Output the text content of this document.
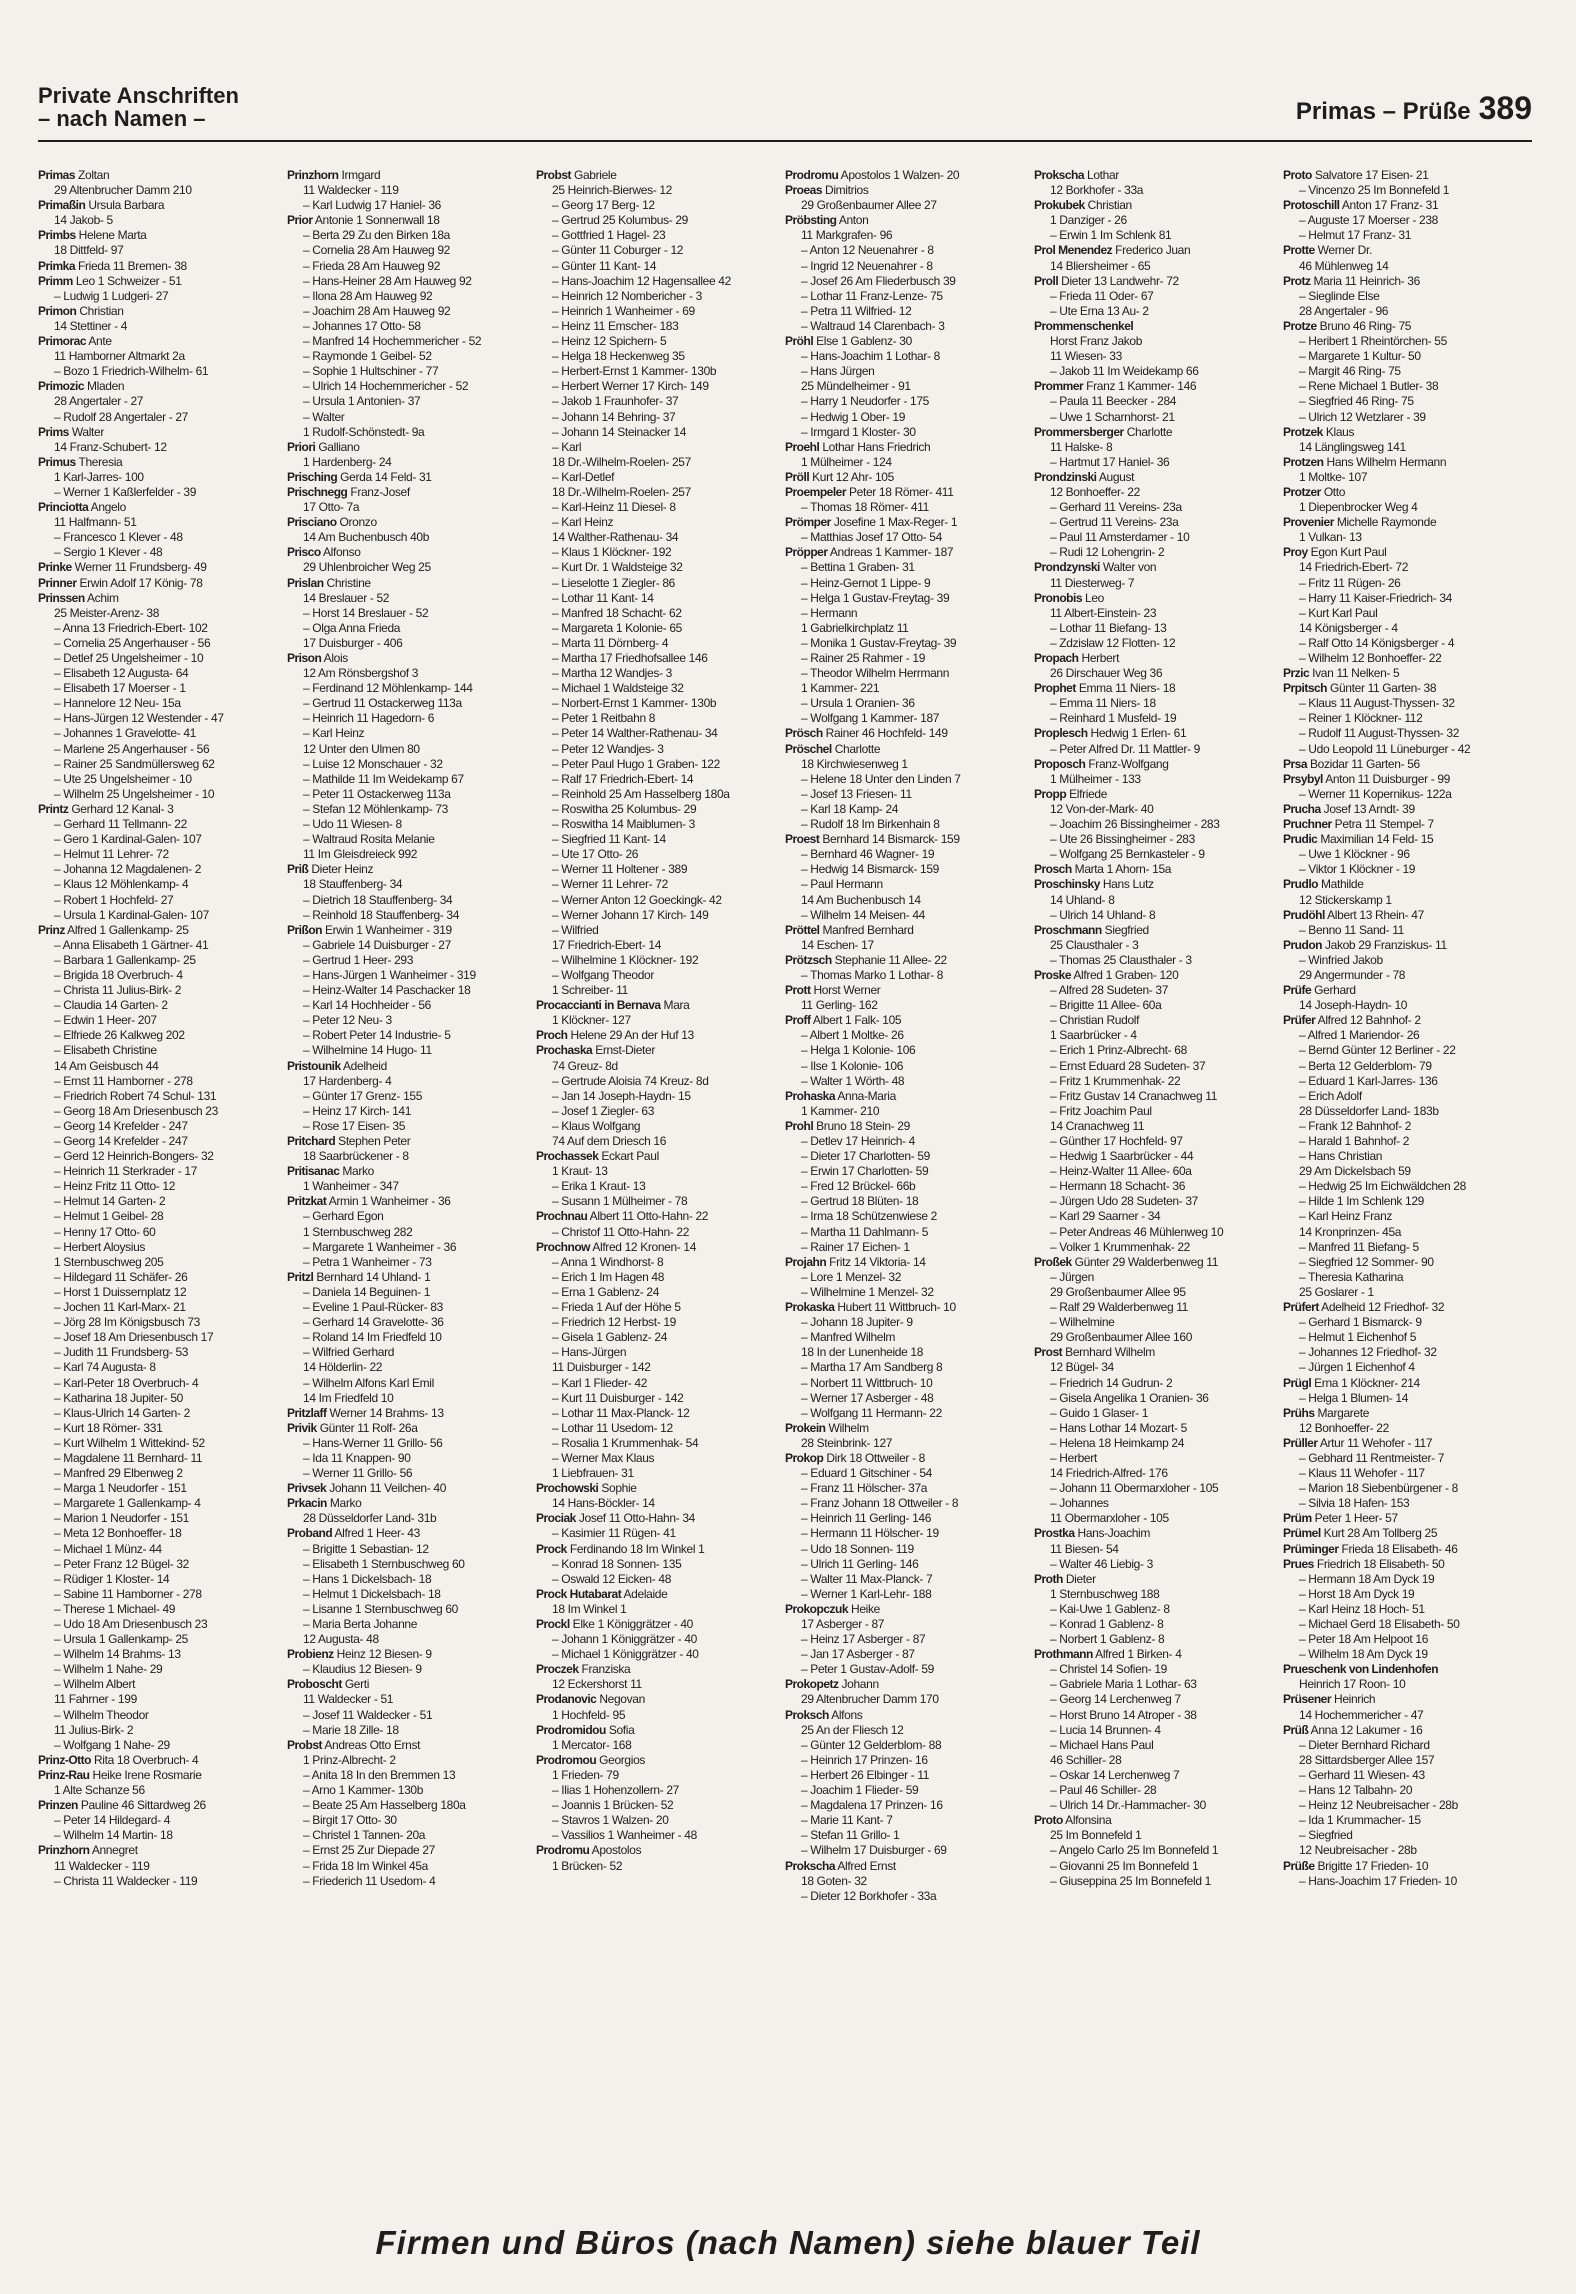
Private Anschriften
– nach Namen –	Primas – Prüße 389
Primas Zoltan
29 Altenbrucher Damm 210
Primaßin Ursula Barbara
14 Jakob- 5
Primbs Helene Marta
18 Dittfeld- 97
Primka Frieda 11 Bremen- 38
Primm Leo 1 Schweizer - 51
– Ludwig 1 Ludgeri- 27
Primon Christian
14 Stettiner - 4
Primorac Ante
11 Hamborner Altmarkt 2a
– Bozo 1 Friedrich-Wilhelm- 61
Primozic Mladen
28 Angertaler - 27
– Rudolf 28 Angertaler - 27
Prims Walter
14 Franz-Schubert- 12
Primus Theresia
1 Karl-Jarres- 100
– Werner 1 Kaßlerfelder - 39
Princiotta Angelo
11 Halfmann- 51
– Francesco 1 Klever - 48
– Sergio 1 Klever - 48
Prinke Werner 11 Frundsberg- 49
Prinner Erwin Adolf 17 König- 78
Prinssen Achim
25 Meister-Arenz- 38
– Anna 13 Friedrich-Ebert- 102
– Cornelia 25 Angerhauser - 56
– Detlef 25 Ungelsheimer - 10
– Elisabeth 12 Augusta- 64
– Elisabeth 17 Moerser - 1
– Hannelore 12 Neu- 15a
– Hans-Jürgen 12 Westender - 47
– Johannes 1 Gravelotte- 41
– Marlene 25 Angerhauser - 56
– Rainer 25 Sandmüllersweg 62
– Ute 25 Ungelsheimer - 10
– Wilhelm 25 Ungelsheimer - 10
Printz Gerhard 12 Kanal- 3
– Gerhard 11 Tellmann- 22
– Gero 1 Kardinal-Galen- 107
– Helmut 11 Lehrer- 72
– Johanna 12 Magdalenen- 2
– Klaus 12 Möhlenkamp- 4
– Robert 1 Hochfeld- 27
– Ursula 1 Kardinal-Galen- 107
Prinz Alfred 1 Gallenkamp- 25
– Anna Elisabeth 1 Gärtner- 41
– Barbara 1 Gallenkamp- 25
– Brigida 18 Overbruch- 4
– Christa 11 Julius-Birk- 2
– Claudia 14 Garten- 2
– Edwin 1 Heer- 207
– Elfriede 26 Kalkweg 202
– Elisabeth Christine
14 Am Geisbusch 44
– Ernst 11 Hamborner - 278
– Friedrich Robert 74 Schul- 131
– Georg 18 Am Driesenbusch 23
– Georg 14 Krefelder - 247
– Georg 14 Krefelder - 247
– Gerd 12 Heinrich-Bongers- 32
– Heinrich 11 Sterkrader - 17
– Heinz Fritz 11 Otto- 12
– Helmut 14 Garten- 2
– Helmut 1 Geibel- 28
– Henny 17 Otto- 60
– Herbert Aloysius
1 Sternbuschweg 205
– Hildegard 11 Schäfer- 26
– Horst 1 Duissernplatz 12
– Jochen 11 Karl-Marx- 21
– Jörg 28 Im Königsbusch 73
– Josef 18 Am Driesenbusch 17
– Judith 11 Frundsberg- 53
– Karl 74 Augusta- 8
– Karl-Peter 18 Overbruch- 4
– Katharina 18 Jupiter- 50
– Klaus-Ulrich 14 Garten- 2
– Kurt 18 Römer- 331
– Kurt Wilhelm 1 Wittekind- 52
– Magdalene 11 Bernhard- 11
– Manfred 29 Elbenweg 2
– Marga 1 Neudorfer - 151
– Margarete 1 Gallenkamp- 4
– Marion 1 Neudorfer - 151
– Meta 12 Bonhoeffer- 18
– Michael 1 Münz- 44
– Peter Franz 12 Bügel- 32
– Rüdiger 1 Kloster- 14
– Sabine 11 Hamborner - 278
– Therese 1 Michael- 49
– Udo 18 Am Driesenbusch 23
– Ursula 1 Gallenkamp- 25
– Wilhelm 14 Brahms- 13
– Wilhelm 1 Nahe- 29
– Wilhelm Albert
11 Fahrner - 199
– Wilhelm Theodor
11 Julius-Birk- 2
– Wolfgang 1 Nahe- 29
Prinz-Otto Rita 18 Overbruch- 4
Prinz-Rau Heike Irene Rosmarie
1 Alte Schanze 56
Prinzen Pauline 46 Sittardweg 26
– Peter 14 Hildegard- 4
– Wilhelm 14 Martin- 18
Prinzhorn Annegret
11 Waldecker - 119
– Christa 11 Waldecker - 119
Prinzhorn Irmgard
11 Waldecker - 119
– Karl Ludwig 17 Haniel- 36
Prior Antonie 1 Sonnenwall 18
– Berta 29 Zu den Birken 18a
– Cornelia 28 Am Hauweg 92
– Frieda 28 Am Hauweg 92
– Hans-Heiner 28 Am Hauweg 92
– Ilona 28 Am Hauweg 92
– Joachim 28 Am Hauweg 92
– Johannes 17 Otto- 58
– Manfred 14 Hochemmericher - 52
– Raymonde 1 Geibel- 52
– Sophie 1 Hultschiner - 77
– Ulrich 14 Hochemmericher - 52
– Ursula 1 Antonien- 37
– Walter
1 Rudolf-Schönstedt- 9a
Priori Galliano
1 Hardenberg- 24
Prisching Gerda 14 Feld- 31
Prischnegg Franz-Josef
17 Otto- 7a
Prisciano Oronzo
14 Am Buchenbusch 40b
Prisco Alfonso
29 Uhlenbroicher Weg 25
Prislan Christine
14 Breslauer - 52
– Horst 14 Breslauer - 52
– Olga Anna Frieda
17 Duisburger - 406
Prison Alois
12 Am Rönsbergshof 3
– Ferdinand 12 Möhlenkamp- 144
– Gertrud 11 Ostackerweg 113a
– Heinrich 11 Hagedorn- 6
– Karl Heinz
12 Unter den Ulmen 80
– Luise 12 Monschauer - 32
– Mathilde 11 Im Weidekamp 67
– Peter 11 Ostackerweg 113a
– Stefan 12 Möhlenkamp- 73
– Udo 11 Wiesen- 8
– Waltraud Rosita Melanie
11 Im Gleisdreieck 992
Priß Dieter Heinz
18 Stauffenberg- 34
– Dietrich 18 Stauffenberg- 34
– Reinhold 18 Stauffenberg- 34
Prißon Erwin 1 Wanheimer - 319
– Gabriele 14 Duisburger - 27
– Gertrud 1 Heer- 293
– Hans-Jürgen 1 Wanheimer - 319
– Heinz-Walter 14 Paschacker 18
– Karl 14 Hochheider - 56
– Peter 12 Neu- 3
– Robert Peter 14 Industrie- 5
– Wilhelmine 14 Hugo- 11
Pristounik Adelheid
17 Hardenberg- 4
– Günter 17 Grenz- 155
– Heinz 17 Kirch- 141
– Rose 17 Eisen- 35
Pritchard Stephen Peter
18 Saarbrückener - 8
Pritisanac Marko
1 Wanheimer - 347
Pritzkat Armin 1 Wanheimer - 36
– Gerhard Egon
1 Sternbuschweg 282
– Margarete 1 Wanheimer - 36
– Petra 1 Wanheimer - 73
Pritzl Bernhard 14 Uhland- 1
– Daniela 14 Beguinen- 1
– Eveline 1 Paul-Rücker- 83
– Gerhard 14 Gravelotte- 36
– Roland 14 Im Friedfeld 10
– Wilfried Gerhard
14 Hölderlin- 22
– Wilhelm Alfons Karl Emil
14 Im Friedfeld 10
Pritzlaff Werner 14 Brahms- 13
Privik Günter 11 Rolf- 26a
– Hans-Werner 11 Grillo- 56
– Ida 11 Knappen- 90
– Werner 11 Grillo- 56
Privsek Johann 11 Veilchen- 40
Prkacin Marko
28 Düsseldorfer Land- 31b
Proband Alfred 1 Heer- 43
– Brigitte 1 Sebastian- 12
– Elisabeth 1 Sternbuschweg 60
– Hans 1 Dickelsbach- 18
– Helmut 1 Dickelsbach- 18
– Lisanne 1 Sternbuschweg 60
– Maria Berta Johanne
12 Augusta- 48
Probienz Heinz 12 Biesen- 9
– Klaudius 12 Biesen- 9
Proboscht Gerti
11 Waldecker - 51
– Josef 11 Waldecker - 51
– Marie 18 Zille- 18
Probst Andreas Otto Ernst
1 Prinz-Albrecht- 2
– Anita 18 In den Bremmen 13
– Arno 1 Kammer- 130b
– Beate 25 Am Hasselberg 180a
– Birgit 17 Otto- 30
– Christel 1 Tannen- 20a
– Ernst 25 Zur Diepade 27
– Frida 18 Im Winkel 45a
– Friederich 11 Usedom- 4
Probst Gabriele
25 Heinrich-Bierwes- 12
– Georg 17 Berg- 12
– Gertrud 25 Kolumbus- 29
– Gottfried 1 Hagel- 23
– Günter 11 Coburger - 12
– Günter 11 Kant- 14
– Hans-Joachim 12 Hagensallee 42
– Heinrich 12 Nombericher - 3
– Heinrich 1 Wanheimer - 69
– Heinz 11 Emscher- 183
– Heinz 12 Spichern- 5
– Helga 18 Heckenweg 35
– Herbert-Ernst 1 Kammer- 130b
– Herbert Werner 17 Kirch- 149
– Jakob 1 Fraunhofer- 37
– Johann 14 Behring- 37
– Johann 14 Steinacker 14
– Karl
18 Dr.-Wilhelm-Roelen- 257
– Karl-Detlef
18 Dr.-Wilhelm-Roelen- 257
– Karl-Heinz 11 Diesel- 8
– Karl Heinz
14 Walther-Rathenau- 34
– Klaus 1 Klöckner- 192
– Kurt Dr. 1 Waldsteige 32
– Lieselotte 1 Ziegler- 86
– Lothar 11 Kant- 14
– Manfred 18 Schacht- 62
– Margareta 1 Kolonie- 65
– Marta 11 Dörnberg- 4
– Martha 17 Friedhofsallee 146
– Martha 12 Wandjes- 3
– Michael 1 Waldsteige 32
– Norbert-Ernst 1 Kammer- 130b
– Peter 1 Reitbahn 8
– Peter 14 Walther-Rathenau- 34
– Peter 12 Wandjes- 3
– Peter Paul Hugo 1 Graben- 122
– Ralf 17 Friedrich-Ebert- 14
– Reinhold 25 Am Hasselberg 180a
– Roswitha 25 Kolumbus- 29
– Roswitha 14 Maiblumen- 3
– Siegfried 11 Kant- 14
– Ute 17 Otto- 26
– Werner 11 Holtener - 389
– Werner 11 Lehrer- 72
– Werner Anton 12 Goeckingk- 42
– Werner Johann 17 Kirch- 149
– Wilfried
17 Friedrich-Ebert- 14
– Wilhelmine 1 Klöckner- 192
– Wolfgang Theodor
1 Schreiber- 11
Procaccianti in Bernava Mara
1 Klöckner- 127
Proch Helene 29 An der Huf 13
Prochaska Ernst-Dieter
74 Greuz- 8d
– Gertrude Aloisia 74 Kreuz- 8d
– Jan 14 Joseph-Haydn- 15
– Josef 1 Ziegler- 63
– Klaus Wolfgang
74 Auf dem Driesch 16
Prochassek Eckart Paul
1 Kraut- 13
– Erika 1 Kraut- 13
– Susann 1 Mülheimer - 78
Prochnau Albert 11 Otto-Hahn- 22
– Christof 11 Otto-Hahn- 22
Prochnow Alfred 12 Kronen- 14
– Anna 1 Windhorst- 8
– Erich 1 Im Hagen 48
– Erna 1 Gablenz- 24
– Frieda 1 Auf der Höhe 5
– Friedrich 12 Herbst- 19
– Gisela 1 Gablenz- 24
– Hans-Jürgen
11 Duisburger - 142
– Karl 1 Flieder- 42
– Kurt 11 Duisburger - 142
– Lothar 11 Max-Planck- 12
– Lothar 11 Usedom- 12
– Rosalia 1 Krummenhak- 54
– Werner Max Klaus
1 Liebfrauen- 31
Prochowski Sophie
14 Hans-Böckler- 14
Prociak Josef 11 Otto-Hahn- 34
– Kasimier 11 Rügen- 41
Prock Ferdinando 18 Im Winkel 1
– Konrad 18 Sonnen- 135
– Oswald 12 Eicken- 48
Prock Hutabarat Adelaide
18 Im Winkel 1
Prockl Elke 1 Königgrätzer - 40
– Johann 1 Königgrätzer - 40
– Michael 1 Königgrätzer - 40
Proczek Franziska
12 Eckershorst 11
Prodanovic Negovan
1 Hochfeld- 95
Prodromidou Sofia
1 Mercator- 168
Prodromou Georgios
1 Frieden- 79
– Ilias 1 Hohenzollern- 27
– Joannis 1 Brücken- 52
– Stavros 1 Walzen- 20
– Vassilios 1 Wanheimer - 48
Prodromu Apostolos
1 Brücken- 52
Prodromu Apostolos 1 Walzen- 20
Proeas Dimitrios
29 Großenbaumer Allee 27
Pröbsting Anton
11 Markgrafen- 96
– Anton 12 Neuenahrer - 8
– Ingrid 12 Neuenahrer - 8
– Josef 26 Am Fliederbusch 39
– Lothar 11 Franz-Lenze- 75
– Petra 11 Wilfried- 12
– Waltraud 14 Clarenbach- 3
Pröhl Else 1 Gablenz- 30
– Hans-Joachim 1 Lothar- 8
– Hans Jürgen
25 Mündelheimer - 91
– Harry 1 Neudorfer - 175
– Hedwig 1 Ober- 19
– Irmgard 1 Kloster- 30
Proehl Lothar Hans Friedrich
1 Mülheimer - 124
Pröll Kurt 12 Ahr- 105
Proempeler Peter 18 Römer- 411
– Thomas 18 Römer- 411
Prömper Josefine 1 Max-Reger- 1
– Matthias Josef 17 Otto- 54
Pröpper Andreas 1 Kammer- 187
– Bettina 1 Graben- 31
– Heinz-Gernot 1 Lippe- 9
– Helga 1 Gustav-Freytag- 39
– Hermann
1 Gabrielkirchplatz 11
– Monika 1 Gustav-Freytag- 39
– Rainer 25 Rahmer - 19
– Theodor Wilhelm Herrmann
1 Kammer- 221
– Ursula 1 Oranien- 36
– Wolfgang 1 Kammer- 187
Prösch Rainer 46 Hochfeld- 149
Pröschel Charlotte
18 Kirchwiesenweg 1
– Helene 18 Unter den Linden 7
– Josef 13 Friesen- 11
– Karl 18 Kamp- 24
– Rudolf 18 Im Birkenhain 8
Proest Bernhard 14 Bismarck- 159
– Bernhard 46 Wagner- 19
– Hedwig 14 Bismarck- 159
– Paul Hermann
14 Am Buchenbusch 14
– Wilhelm 14 Meisen- 44
Pröttel Manfred Bernhard
14 Eschen- 17
Prötzsch Stephanie 11 Allee- 22
– Thomas Marko 1 Lothar- 8
Prott Horst Werner
11 Gerling- 162
Proff Albert 1 Falk- 105
– Albert 1 Moltke- 26
– Helga 1 Kolonie- 106
– Ilse 1 Kolonie- 106
– Walter 1 Wörth- 48
Prohaska Anna-Maria
1 Kammer- 210
Prohl Bruno 18 Stein- 29
– Detlev 17 Heinrich- 4
– Dieter 17 Charlotten- 59
– Erwin 17 Charlotten- 59
– Fred 12 Brückel- 66b
– Gertrud 18 Blüten- 18
– Irma 18 Schützenwiese 2
– Martha 11 Dahlmann- 5
– Rainer 17 Eichen- 1
Projahn Fritz 14 Viktoria- 14
– Lore 1 Menzel- 32
– Wilhelmine 1 Menzel- 32
Prokaska Hubert 11 Wittbruch- 10
– Johann 18 Jupiter- 9
– Manfred Wilhelm
18 In der Lunenheide 18
– Martha 17 Am Sandberg 8
– Norbert 11 Wittbruch- 10
– Werner 17 Asberger - 48
– Wolfgang 11 Hermann- 22
Prokein Wilhelm
28 Steinbrink- 127
Prokop Dirk 18 Ottweiler - 8
– Eduard 1 Gitschiner - 54
– Franz 11 Hölscher- 37a
– Franz Johann 18 Ottweiler - 8
– Heinrich 11 Gerling- 146
– Hermann 11 Hölscher- 19
– Udo 18 Sonnen- 119
– Ulrich 11 Gerling- 146
– Walter 11 Max-Planck- 7
– Werner 1 Karl-Lehr- 188
Prokopczuk Heike
17 Asberger - 87
– Heinz 17 Asberger - 87
– Jan 17 Asberger - 87
– Peter 1 Gustav-Adolf- 59
Prokopetz Johann
29 Altenbrucher Damm 170
Proksch Alfons
25 An der Fliesch 12
– Günter 12 Gelderblom- 88
– Heinrich 17 Prinzen- 16
– Herbert 26 Elbinger - 11
– Joachim 1 Flieder- 59
– Magdalena 17 Prinzen- 16
– Marie 11 Kant- 7
– Stefan 11 Grillo- 1
– Wilhelm 17 Duisburger - 69
Prokscha Alfred Ernst
18 Goten- 32
– Dieter 12 Borkhofer - 33a
Prokscha Lothar
12 Borkhofer - 33a
Prokubek Christian
1 Danziger - 26
– Erwin 1 Im Schlenk 81
Prol Menendez Frederico Juan
14 Bliersheimer - 65
Proll Dieter 13 Landwehr- 72
– Frieda 11 Oder- 67
– Ute Erna 13 Au- 2
Prommenschenkel
Horst Franz Jakob
11 Wiesen- 33
– Jakob 11 Im Weidekamp 66
Prommer Franz 1 Kammer- 146
– Paula 11 Beecker - 284
– Uwe 1 Scharnhorst- 21
Prommersberger Charlotte
11 Halske- 8
– Hartmut 17 Haniel- 36
Prondzinski August
12 Bonhoeffer- 22
– Gerhard 11 Vereins- 23a
– Gertrud 11 Vereins- 23a
– Paul 11 Amsterdamer - 10
– Rudi 12 Lohengrin- 2
Prondzynski Walter von
11 Diesterweg- 7
Pronobis Leo
11 Albert-Einstein- 23
– Lothar 11 Biefang- 13
– Zdzislaw 12 Flotten- 12
Propach Herbert
26 Dirschauer Weg 36
Prophet Emma 11 Niers- 18
– Emma 11 Niers- 18
– Reinhard 1 Musfeld- 19
Proplesch Hedwig 1 Erlen- 61
– Peter Alfred Dr. 11 Mattler- 9
Proposch Franz-Wolfgang
1 Mülheimer - 133
Propp Elfriede
12 Von-der-Mark- 40
– Joachim 26 Bissingheimer - 283
– Ute 26 Bissingheimer - 283
– Wolfgang 25 Bernkasteler - 9
Prosch Marta 1 Ahorn- 15a
Proschinsky Hans Lutz
14 Uhland- 8
– Ulrich 14 Uhland- 8
Proschmann Siegfried
25 Clausthaler - 3
– Thomas 25 Clausthaler - 3
Proske Alfred 1 Graben- 120
– Alfred 28 Sudeten- 37
– Brigitte 11 Allee- 60a
– Christian Rudolf
1 Saarbrücker - 4
– Erich 1 Prinz-Albrecht- 68
– Ernst Eduard 28 Sudeten- 37
– Fritz 1 Krummenhak- 22
– Fritz Gustav 14 Cranachweg 11
– Fritz Joachim Paul
14 Cranachweg 11
– Günther 17 Hochfeld- 97
– Hedwig 1 Saarbrücker - 44
– Heinz-Walter 11 Allee- 60a
– Hermann 18 Schacht- 36
– Jürgen Udo 28 Sudeten- 37
– Karl 29 Saarner - 34
– Peter Andreas 46 Mühlenweg 10
– Volker 1 Krummenhak- 22
Proßek Günter 29 Walderbenweg 11
– Jürgen
29 Großenbaumer Allee 95
– Ralf 29 Walderbenweg 11
– Wilhelmine
29 Großenbaumer Allee 160
Prost Bernhard Wilhelm
12 Bügel- 34
– Friedrich 14 Gudrun- 2
– Gisela Angelika 1 Oranien- 36
– Guido 1 Glaser- 1
– Hans Lothar 14 Mozart- 5
– Helena 18 Heimkamp 24
– Herbert
14 Friedrich-Alfred- 176
– Johann 11 Obermarxloher - 105
– Johannes
11 Obermarxloher - 105
Prostka Hans-Joachim
11 Biesen- 54
– Walter 46 Liebig- 3
Proth Dieter
1 Sternbuschweg 188
– Kai-Uwe 1 Gablenz- 8
– Konrad 1 Gablenz- 8
– Norbert 1 Gablenz- 8
Prothmann Alfred 1 Birken- 4
– Christel 14 Sofien- 19
– Gabriele Maria 1 Lothar- 63
– Georg 14 Lerchenweg 7
– Horst Bruno 14 Atroper - 38
– Lucia 14 Brunnen- 4
– Michael Hans Paul
46 Schiller- 28
– Oskar 14 Lerchenweg 7
– Paul 46 Schiller- 28
– Ulrich 14 Dr.-Hammacher- 30
Proto Alfonsina
25 Im Bonnefeld 1
– Angelo Carlo 25 Im Bonnefeld 1
– Giovanni 25 Im Bonnefeld 1
– Giuseppina 25 Im Bonnefeld 1
Proto Salvatore 17 Eisen- 21
– Vincenzo 25 Im Bonnefeld 1
Protoschill Anton 17 Franz- 31
– Auguste 17 Moerser - 238
– Helmut 17 Franz- 31
Protte Werner Dr.
46 Mühlenweg 14
Protz Maria 11 Heinrich- 36
– Sieglinde Else
28 Angertaler - 96
Protze Bruno 46 Ring- 75
– Heribert 1 Rheintörchen- 55
– Margarete 1 Kultur- 50
– Margit 46 Ring- 75
– Rene Michael 1 Butler- 38
– Siegfried 46 Ring- 75
– Ulrich 12 Wetzlarer - 39
Protzek Klaus
14 Länglingsweg 141
Protzen Hans Wilhelm Hermann
1 Moltke- 107
Protzer Otto
1 Diepenbrocker Weg 4
Provenier Michelle Raymonde
1 Vulkan- 13
Proy Egon Kurt Paul
14 Friedrich-Ebert- 72
– Fritz 11 Rügen- 26
– Harry 11 Kaiser-Friedrich- 34
– Kurt Karl Paul
14 Königsberger - 4
– Ralf Otto 14 Königsberger - 4
– Wilhelm 12 Bonhoeffer- 22
Przic Ivan 11 Nelken- 5
Prpitsch Günter 11 Garten- 38
– Klaus 11 August-Thyssen- 32
– Reiner 1 Klöckner- 112
– Rudolf 11 August-Thyssen- 32
– Udo Leopold 11 Lüneburger - 42
Prsa Bozidar 11 Garten- 56
Prsybyl Anton 11 Duisburger - 99
– Werner 11 Kopernikus- 122a
Prucha Josef 13 Arndt- 39
Pruchner Petra 11 Stempel- 7
Prudic Maximilian 14 Feld- 15
– Uwe 1 Klöckner - 96
– Viktor 1 Klöckner - 19
Prudlo Mathilde
12 Stickerskamp 1
Prudöhl Albert 13 Rhein- 47
– Benno 11 Sand- 11
Prudon Jakob 29 Franziskus- 11
– Winfried Jakob
29 Angermunder - 78
Prüfe Gerhard
14 Joseph-Haydn- 10
Prüfer Alfred 12 Bahnhof- 2
– Alfred 1 Mariendor- 26
– Bernd Günter 12 Berliner - 22
– Berta 12 Gelderblom- 79
– Eduard 1 Karl-Jarres- 136
– Erich Adolf
28 Düsseldorfer Land- 183b
– Frank 12 Bahnhof- 2
– Harald 1 Bahnhof- 2
– Hans Christian
29 Am Dickelsbach 59
– Hedwig 25 Im Eichwäldchen 28
– Hilde 1 Im Schlenk 129
– Karl Heinz Franz
14 Kronprinzen- 45a
– Manfred 11 Biefang- 5
– Siegfried 12 Sommer- 90
– Theresia Katharina
25 Goslarer - 1
Prüfert Adelheid 12 Friedhof- 32
– Gerhard 1 Bismarck- 9
– Helmut 1 Eichenhof 5
– Johannes 12 Friedhof- 32
– Jürgen 1 Eichenhof 4
Prügl Erna 1 Klöckner- 214
– Helga 1 Blumen- 14
Prühs Margarete
12 Bonhoeffer- 22
Prüller Artur 11 Wehofer - 117
– Gebhard 11 Rentmeister- 7
– Klaus 11 Wehofer - 117
– Marion 18 Siebenbürgener - 8
– Silvia 18 Hafen- 153
Prüm Peter 1 Heer- 57
Prümel Kurt 28 Am Tollberg 25
Prüminger Frieda 18 Elisabeth- 46
Prues Friedrich 18 Elisabeth- 50
– Hermann 18 Am Dyck 19
– Horst 18 Am Dyck 19
– Karl Heinz 18 Hoch- 51
– Michael Gerd 18 Elisabeth- 50
– Peter 18 Am Helpoot 16
– Wilhelm 18 Am Dyck 19
Prueschenk von Lindenhofen
Heinrich 17 Roon- 10
Prüsener Heinrich
14 Hochemmericher - 47
Prüß Anna 12 Lakumer - 16
– Dieter Bernhard Richard
28 Sittardsberger Allee 157
– Gerhard 11 Wiesen- 43
– Hans 12 Talbahn- 20
– Heinz 12 Neubreisacher - 28b
– Ida 1 Krummacher- 15
– Siegfried
12 Neubreisacher - 28b
Prüße Brigitte 17 Frieden- 10
– Hans-Joachim 17 Frieden- 10
Firmen und Büros (nach Namen) siehe blauer Teil
